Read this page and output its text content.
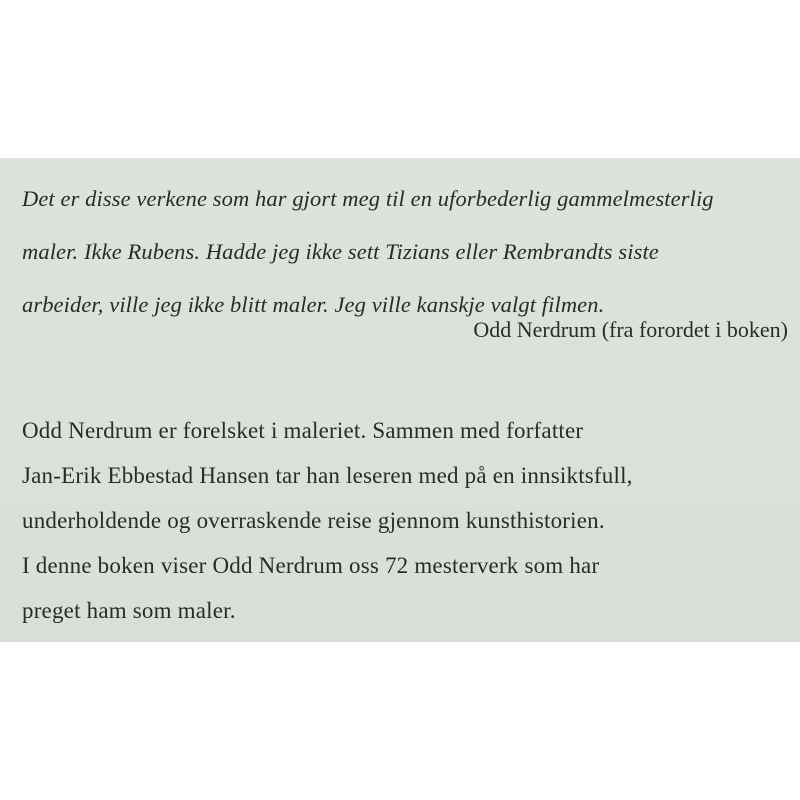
Det er disse verkene som har gjort meg til en uforbederlig gammelmesterlig
maler. Ikke Rubens. Hadde jeg ikke sett Tizians eller Rembrandts siste
arbeider, ville jeg ikke blitt maler. Jeg ville kanskje valgt filmen.

Odd Nerdrum (fra forordet i boken)

Odd Nerdrum er forelsket i maleriet. Sammen med forfatter
Jan-Erik Ebbestad Hansen tar han leseren med på en innsiktsfull,
underholdende og overraskende reise gjennom kunsthistorien.
I denne boken viser Odd Nerdrum oss 72 mesterverk som har
preget ham som maler.
